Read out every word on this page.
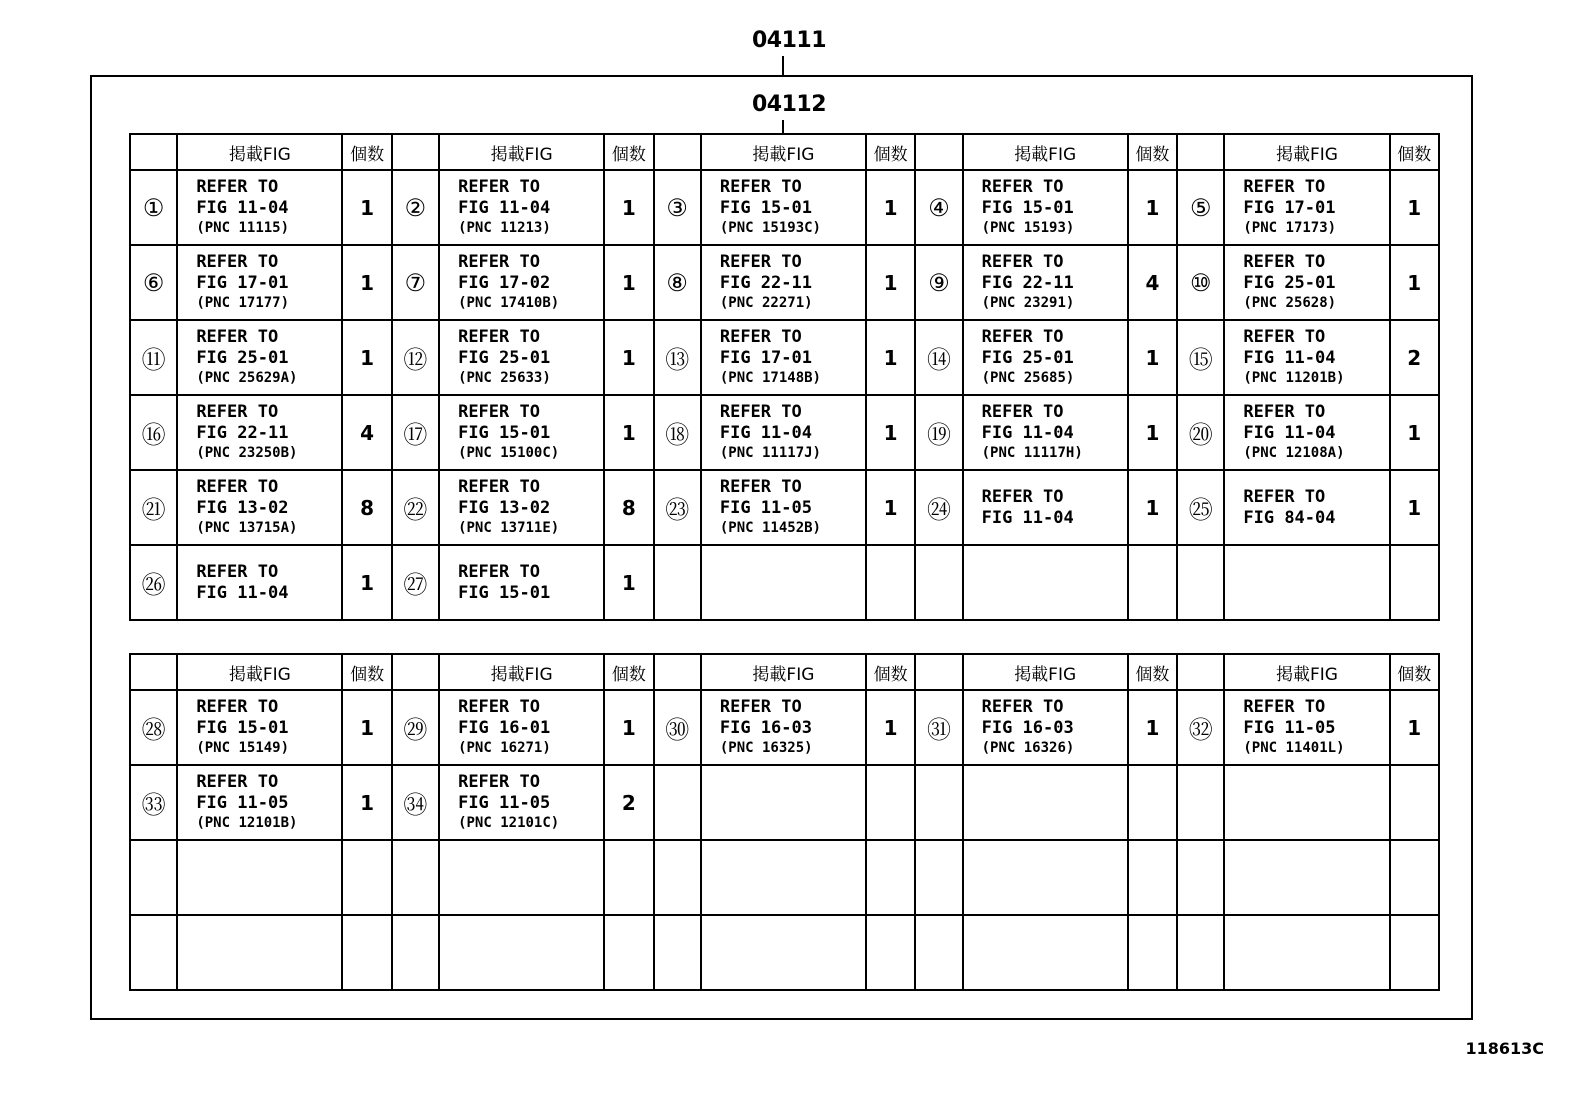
04111
04112
	掲載FIG	個数		掲載FIG	個数		掲載FIG	個数		掲載FIG	個数		掲載FIG	個数
①	REFER TO
FIG 11-04
(PNC 11115)	1	②	REFER TO
FIG 11-04
(PNC 11213)	1	③	REFER TO
FIG 15-01
(PNC 15193C)	1	④	REFER TO
FIG 15-01
(PNC 15193)	1	⑤	REFER TO
FIG 17-01
(PNC 17173)	1
⑥	REFER TO
FIG 17-01
(PNC 17177)	1	⑦	REFER TO
FIG 17-02
(PNC 17410B)	1	⑧	REFER TO
FIG 22-11
(PNC 22271)	1	⑨	REFER TO
FIG 22-11
(PNC 23291)	4	⑩	REFER TO
FIG 25-01
(PNC 25628)	1
⑪	REFER TO
FIG 25-01
(PNC 25629A)	1	⑫	REFER TO
FIG 25-01
(PNC 25633)	1	⑬	REFER TO
FIG 17-01
(PNC 17148B)	1	⑭	REFER TO
FIG 25-01
(PNC 25685)	1	⑮	REFER TO
FIG 11-04
(PNC 11201B)	2
⑯	REFER TO
FIG 22-11
(PNC 23250B)	4	⑰	REFER TO
FIG 15-01
(PNC 15100C)	1	⑱	REFER TO
FIG 11-04
(PNC 11117J)	1	⑲	REFER TO
FIG 11-04
(PNC 11117H)	1	⑳	REFER TO
FIG 11-04
(PNC 12108A)	1
㉑	REFER TO
FIG 13-02
(PNC 13715A)	8	㉒	REFER TO
FIG 13-02
(PNC 13711E)	8	㉓	REFER TO
FIG 11-05
(PNC 11452B)	1	㉔	REFER TO
FIG 11-04	1	㉕	REFER TO
FIG 84-04	1
㉖	REFER TO
FIG 11-04	1	㉗	REFER TO
FIG 15-01	1		

	掲載FIG	個数		掲載FIG	個数		掲載FIG	個数		掲載FIG	個数		掲載FIG	個数
㉘	REFER TO
FIG 15-01
(PNC 15149)	1	㉙	REFER TO
FIG 16-01
(PNC 16271)	1	㉚	REFER TO
FIG 16-03
(PNC 16325)	1	㉛	REFER TO
FIG 16-03
(PNC 16326)	1	㉜	REFER TO
FIG 11-05
(PNC 11401L)	1
㉝	REFER TO
FIG 11-05
(PNC 12101B)	1	㉞	REFER TO
FIG 11-05
(PNC 12101C)	2		

118613C
